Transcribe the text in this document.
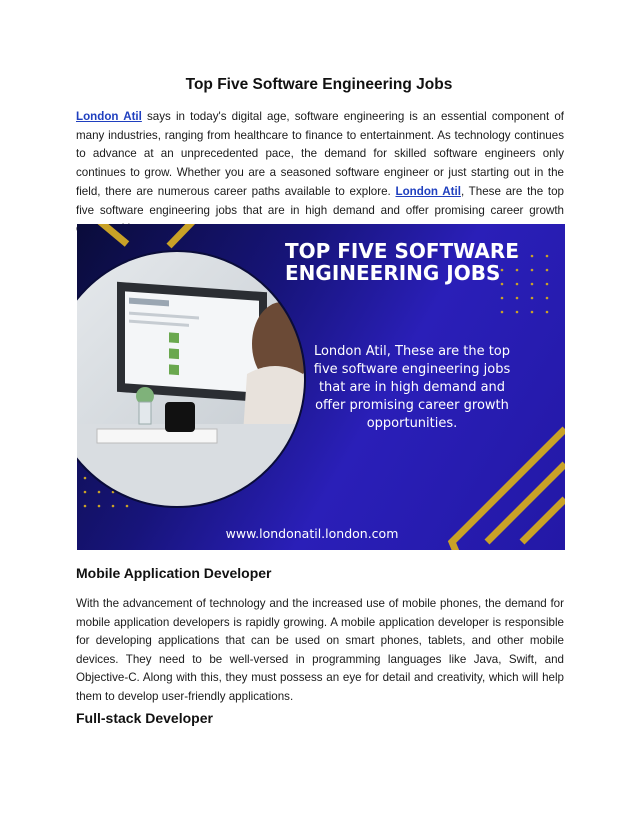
Top Five Software Engineering Jobs

London Atil says in today's digital age, software engineering is an essential component of many industries, ranging from healthcare to finance to entertainment. As technology continues to advance at an unprecedented pace, the demand for skilled software engineers only continues to grow. Whether you are a seasoned software engineer or just starting out in the field, there are numerous career paths available to explore. London Atil, These are the top five software engineering jobs that are in high demand and offer promising career growth

TOP FIVE SOFTWARE
ENGINEERING JOBS
London Atil, These are the top
five software engineering jobs
that are in high demand and
offer promising career growth
opportunities.
www.londonatil.london.com
Mobile Application Developer

With the advancement of technology and the increased use of mobile phones, the demand for mobile application developers is rapidly growing. A mobile application developer is responsible for developing applications that can be used on smart phones, tablets, and other mobile devices. They need to be well-versed in programming languages like Java, Swift, and Objective-C. Along with this, they must possess an eye for detail and creativity, which will help them to develop user-friendly applications.

Full-stack Developer
